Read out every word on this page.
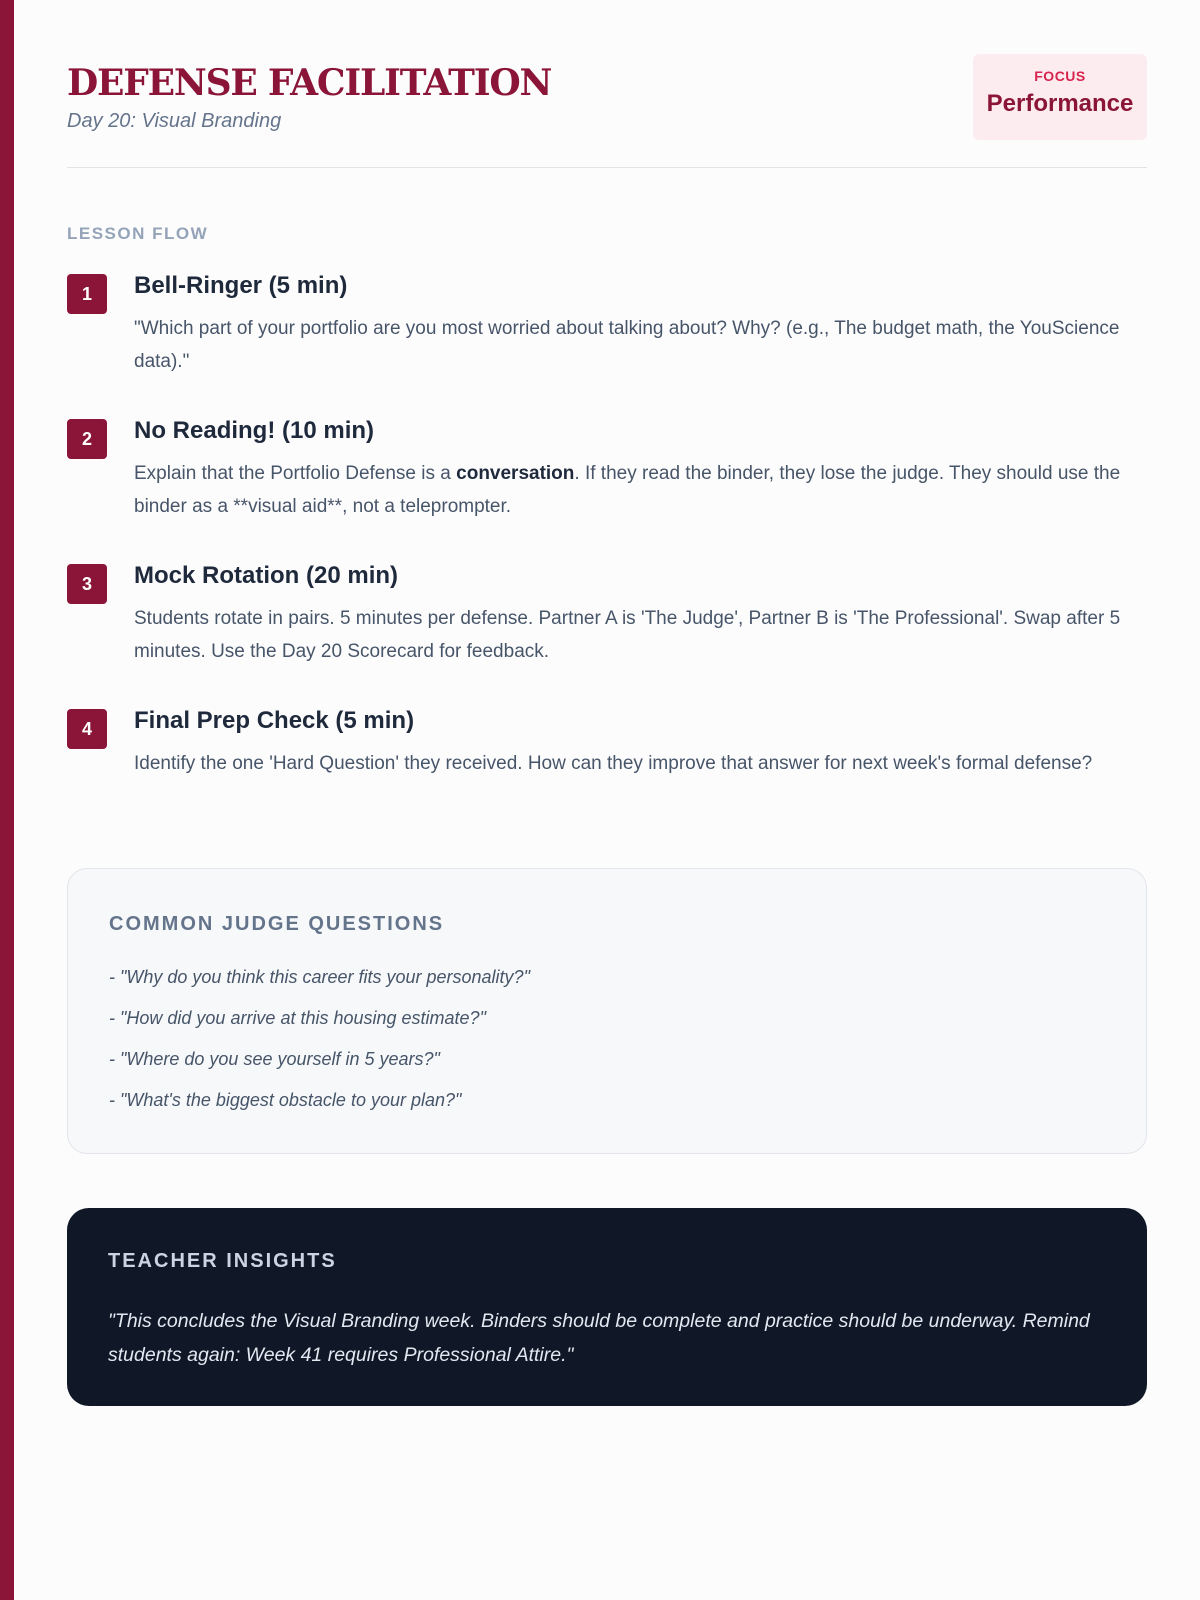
DEFENSE FACILITATION
Day 20: Visual Branding
FOCUS
Performance
LESSON FLOW
1	Bell-Ringer (5 min)
"Which part of your portfolio are you most worried about talking about? Why? (e.g., The budget math, the YouScience data)."
2	No Reading! (10 min)
Explain that the Portfolio Defense is a conversation. If they read the binder, they lose the judge. They should use the binder as a **visual aid**, not a teleprompter.
3	Mock Rotation (20 min)
Students rotate in pairs. 5 minutes per defense. Partner A is 'The Judge', Partner B is 'The Professional'. Swap after 5 minutes. Use the Day 20 Scorecard for feedback.
4	Final Prep Check (5 min)
Identify the one 'Hard Question' they received. How can they improve that answer for next week's formal defense?
COMMON JUDGE QUESTIONS
- "Why do you think this career fits your personality?"
- "How did you arrive at this housing estimate?"
- "Where do you see yourself in 5 years?"
- "What's the biggest obstacle to your plan?"
TEACHER INSIGHTS
"This concludes the Visual Branding week. Binders should be complete and practice should be underway. Remind students again: Week 41 requires Professional Attire."
